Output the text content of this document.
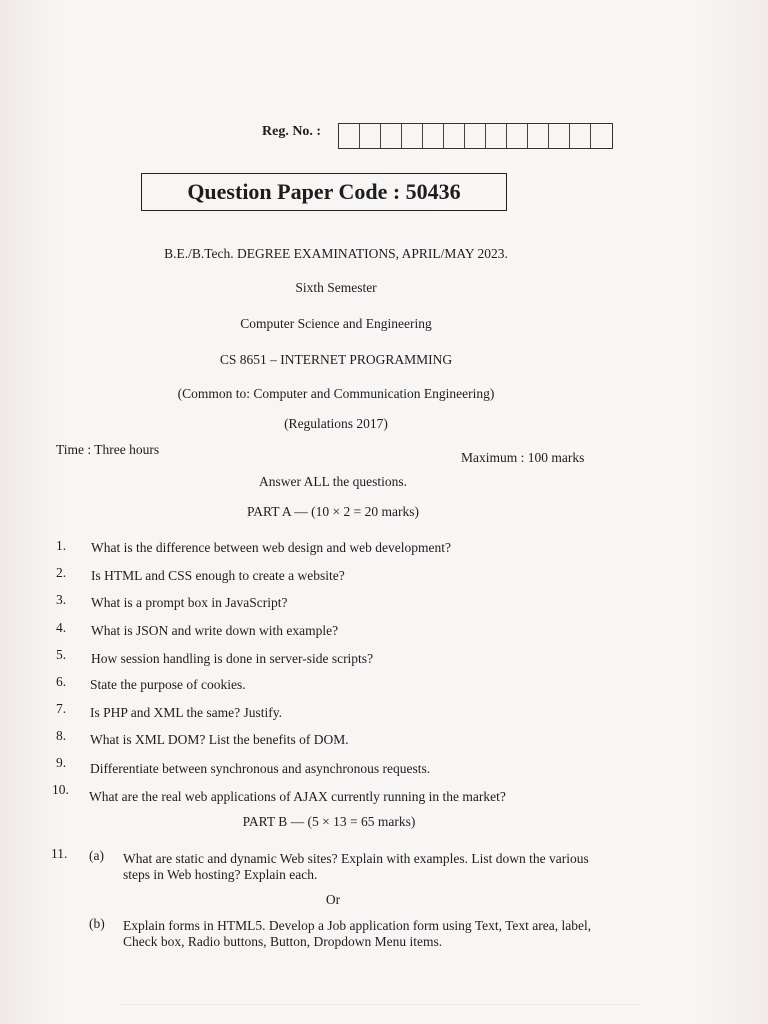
Reg. No. :
Question Paper Code : 50436
B.E./B.Tech. DEGREE EXAMINATIONS, APRIL/MAY 2023.
Sixth Semester
Computer Science and Engineering
CS 8651 – INTERNET PROGRAMMING
(Common to: Computer and Communication Engineering)
(Regulations 2017)
Time : Three hours
Maximum : 100 marks
Answer ALL the questions.
PART A — (10 × 2 = 20 marks)
1. What is the difference between web design and web development?
2. Is HTML and CSS enough to create a website?
3. What is a prompt box in JavaScript?
4. What is JSON and write down with example?
5. How session handling is done in server-side scripts?
6. State the purpose of cookies.
7. Is PHP and XML the same? Justify.
8. What is XML DOM? List the benefits of DOM.
9. Differentiate between synchronous and asynchronous requests.
10. What are the real web applications of AJAX currently running in the market?
PART B — (5 × 13 = 65 marks)
11. (a) What are static and dynamic Web sites? Explain with examples. List down the various steps in Web hosting? Explain each.
Or
(b) Explain forms in HTML5. Develop a Job application form using Text, Text area, label, Check box, Radio buttons, Button, Dropdown Menu items.
